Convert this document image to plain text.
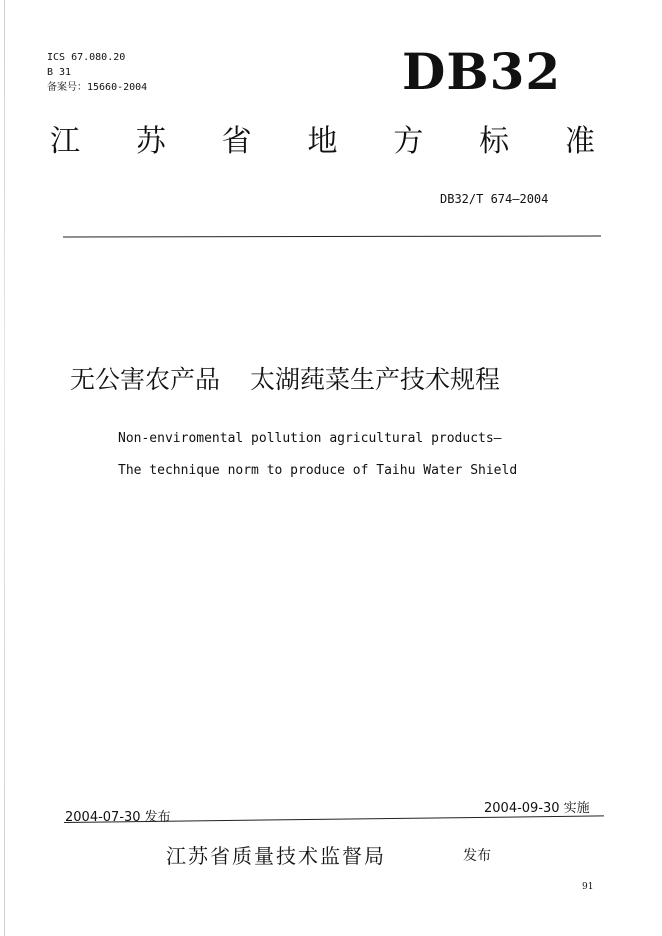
ICS 67.080.20
B 31
备案号：15660-2004	DB32
江 苏 省 地 方 标 准
DB32/T 674—2004
无公害农产品 太湖莼菜生产技术规程
Non-enviromental pollution agricultural products—
The technique norm to produce of Taihu Water Shield
2004-07-30 发布
2004-09-30 实施
江苏省质量技术监督局	发布
91
